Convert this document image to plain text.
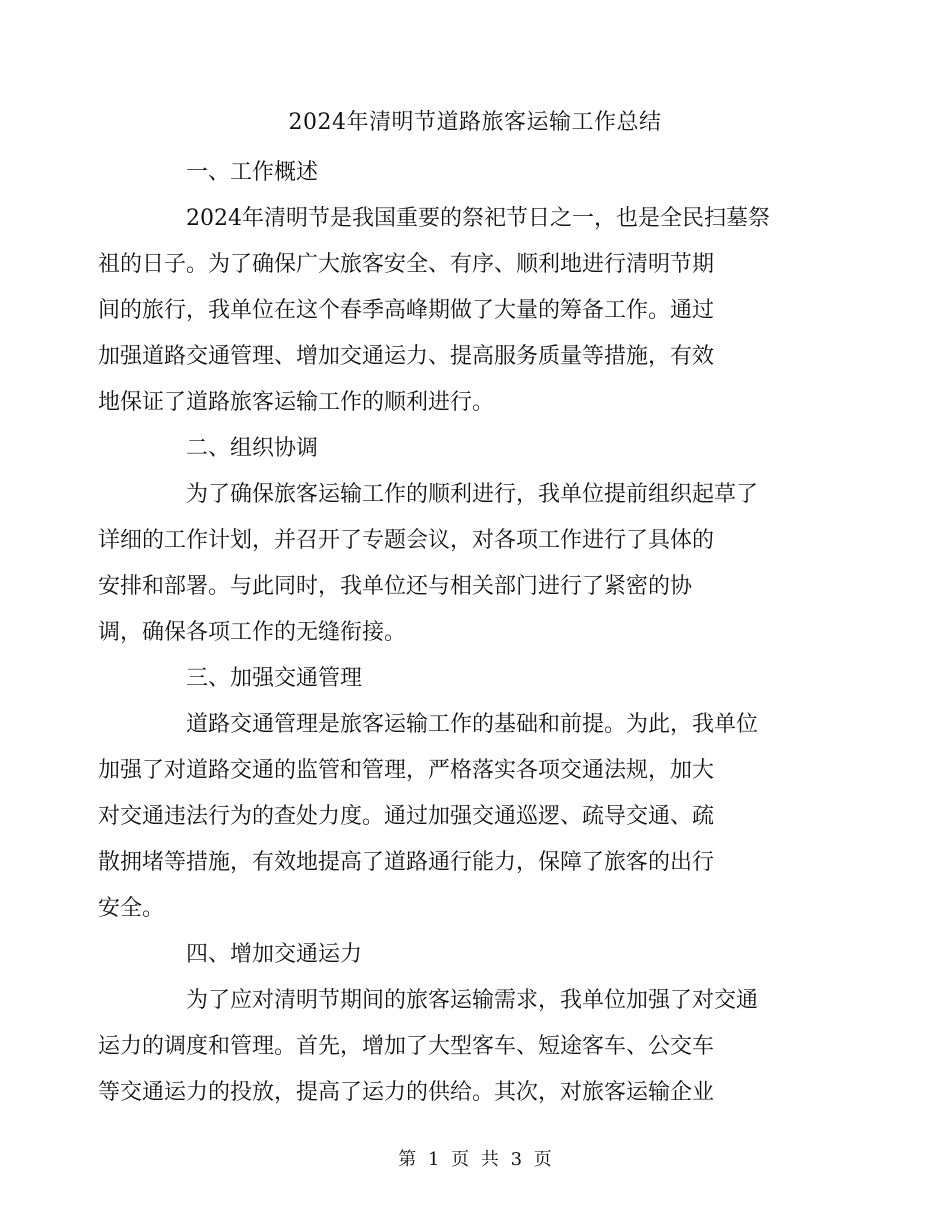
2024年清明节道路旅客运输工作总结

一、工作概述

2024年清明节是我国重要的祭祀节日之一，也是全民扫墓祭
祖的日子。为了确保广大旅客安全、有序、顺利地进行清明节期
间的旅行，我单位在这个春季高峰期做了大量的筹备工作。通过
加强道路交通管理、增加交通运力、提高服务质量等措施，有效
地保证了道路旅客运输工作的顺利进行。

二、组织协调

为了确保旅客运输工作的顺利进行，我单位提前组织起草了
详细的工作计划，并召开了专题会议，对各项工作进行了具体的
安排和部署。与此同时，我单位还与相关部门进行了紧密的协
调，确保各项工作的无缝衔接。

三、加强交通管理

道路交通管理是旅客运输工作的基础和前提。为此，我单位
加强了对道路交通的监管和管理，严格落实各项交通法规，加大
对交通违法行为的查处力度。通过加强交通巡逻、疏导交通、疏
散拥堵等措施，有效地提高了道路通行能力，保障了旅客的出行
安全。

四、增加交通运力

为了应对清明节期间的旅客运输需求，我单位加强了对交通
运力的调度和管理。首先，增加了大型客车、短途客车、公交车
等交通运力的投放，提高了运力的供给。其次，对旅客运输企业

第 1 页 共 3 页
